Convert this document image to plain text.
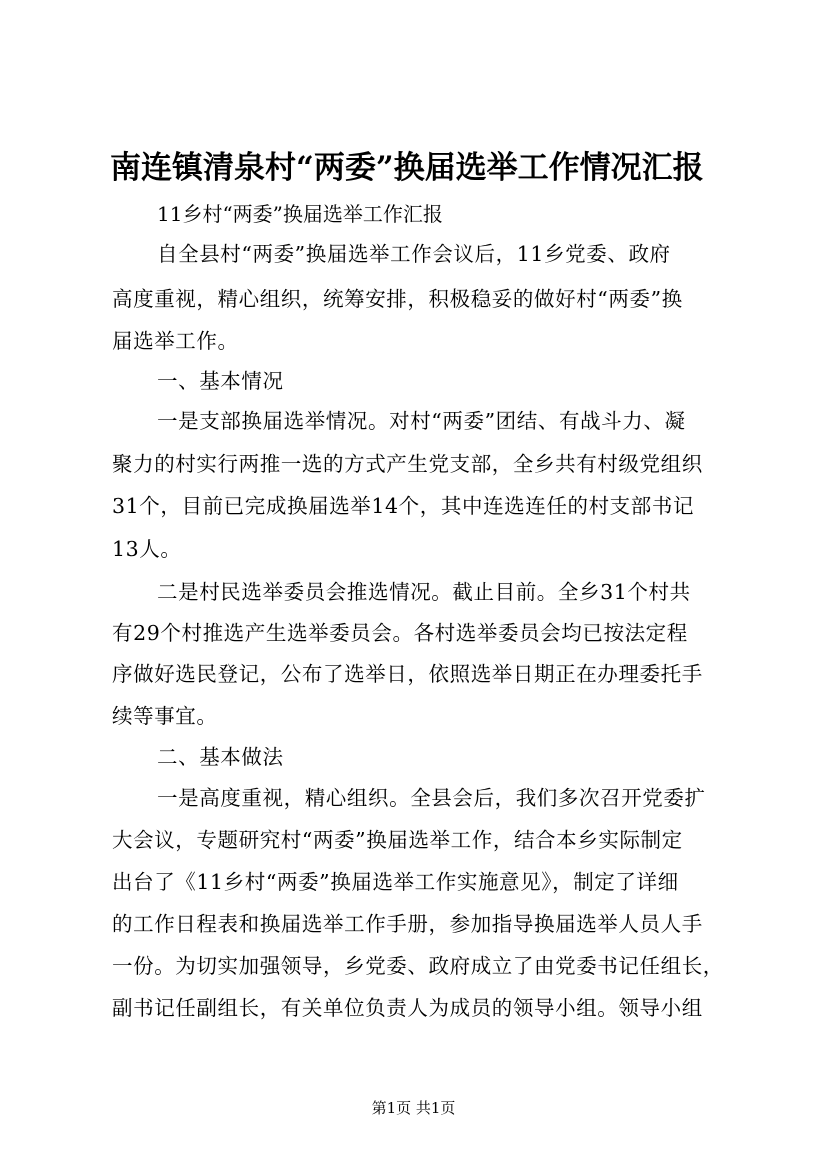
南连镇清泉村“两委”换届选举工作情况汇报
11乡村“两委”换届选举工作汇报
自全县村“两委”换届选举工作会议后，11乡党委、政府
高度重视，精心组织，统筹安排，积极稳妥的做好村“两委”换
届选举工作。
一、基本情况
一是支部换届选举情况。对村“两委”团结、有战斗力、凝
聚力的村实行两推一选的方式产生党支部，全乡共有村级党组织
31个，目前已完成换届选举14个，其中连选连任的村支部书记
13人。
二是村民选举委员会推选情况。截止目前。全乡31个村共
有29个村推选产生选举委员会。各村选举委员会均已按法定程
序做好选民登记，公布了选举日，依照选举日期正在办理委托手
续等事宜。
二、基本做法
一是高度重视，精心组织。全县会后，我们多次召开党委扩
大会议，专题研究村“两委”换届选举工作，结合本乡实际制定
出台了《11乡村“两委”换届选举工作实施意见》，制定了详细
的工作日程表和换届选举工作手册，参加指导换届选举人员人手
一份。为切实加强领导，乡党委、政府成立了由党委书记任组长，
副书记任副组长，有关单位负责人为成员的领导小组。领导小组
第1页 共1页
